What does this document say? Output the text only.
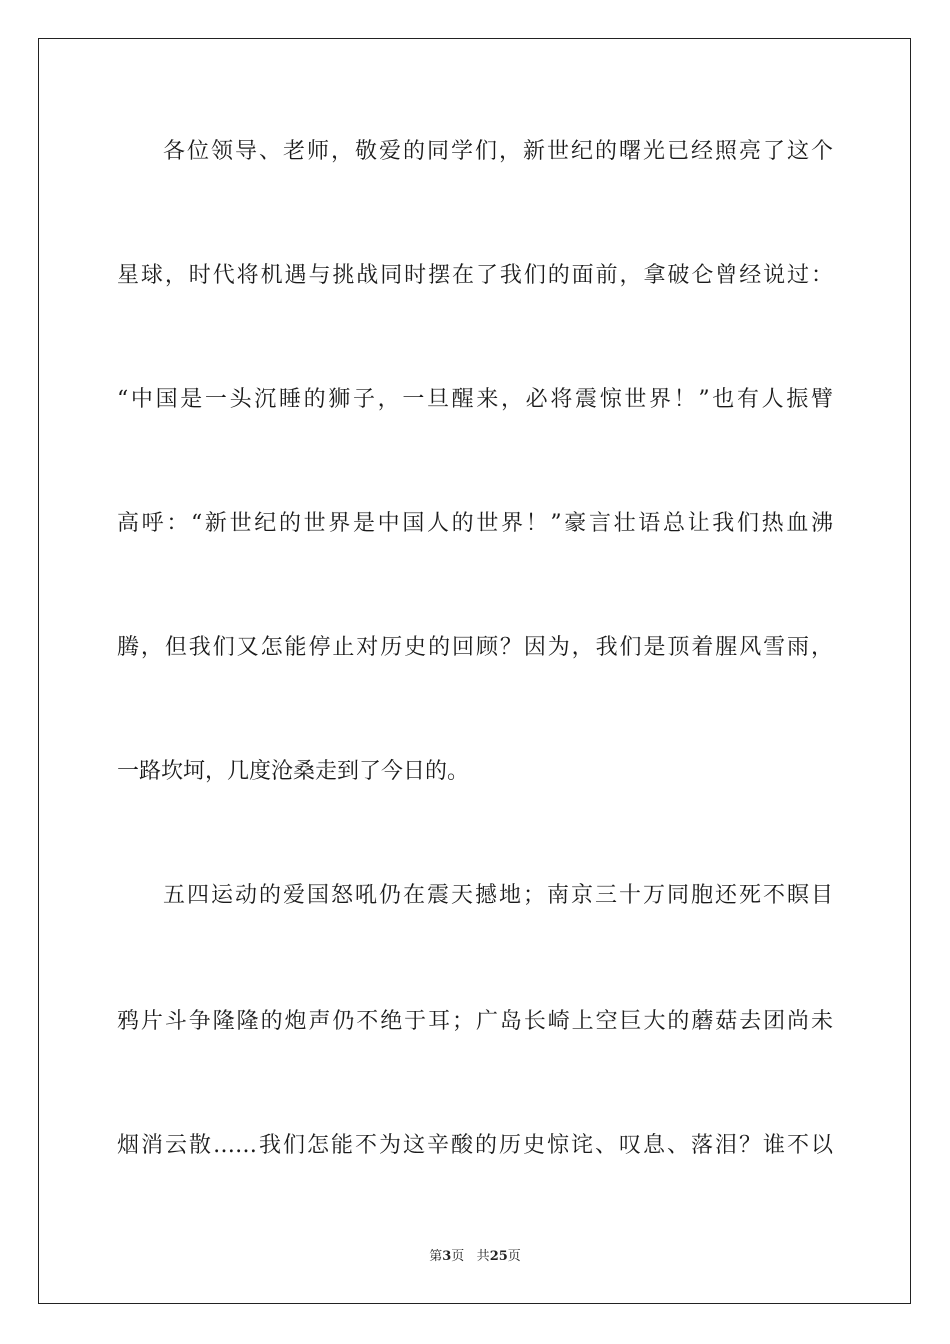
各位领导、老师，敬爱的同学们，新世纪的曙光已经照亮了这个
星球，时代将机遇与挑战同时摆在了我们的面前，拿破仑曾经说过：
“中国是一头沉睡的狮子，一旦醒来，必将震惊世界！”也有人振臂
高呼：“新世纪的世界是中国人的世界！”豪言壮语总让我们热血沸
腾，但我们又怎能停止对历史的回顾？因为，我们是顶着腥风雪雨，
一路坎坷，几度沧桑走到了今日的。
五四运动的爱国怒吼仍在震天撼地；南京三十万同胞还死不瞑目
鸦片斗争隆隆的炮声仍不绝于耳；广岛长崎上空巨大的蘑菇去团尚未
烟消云散……我们怎能不为这辛酸的历史惊诧、叹息、落泪？谁不以
第3页 共25页
